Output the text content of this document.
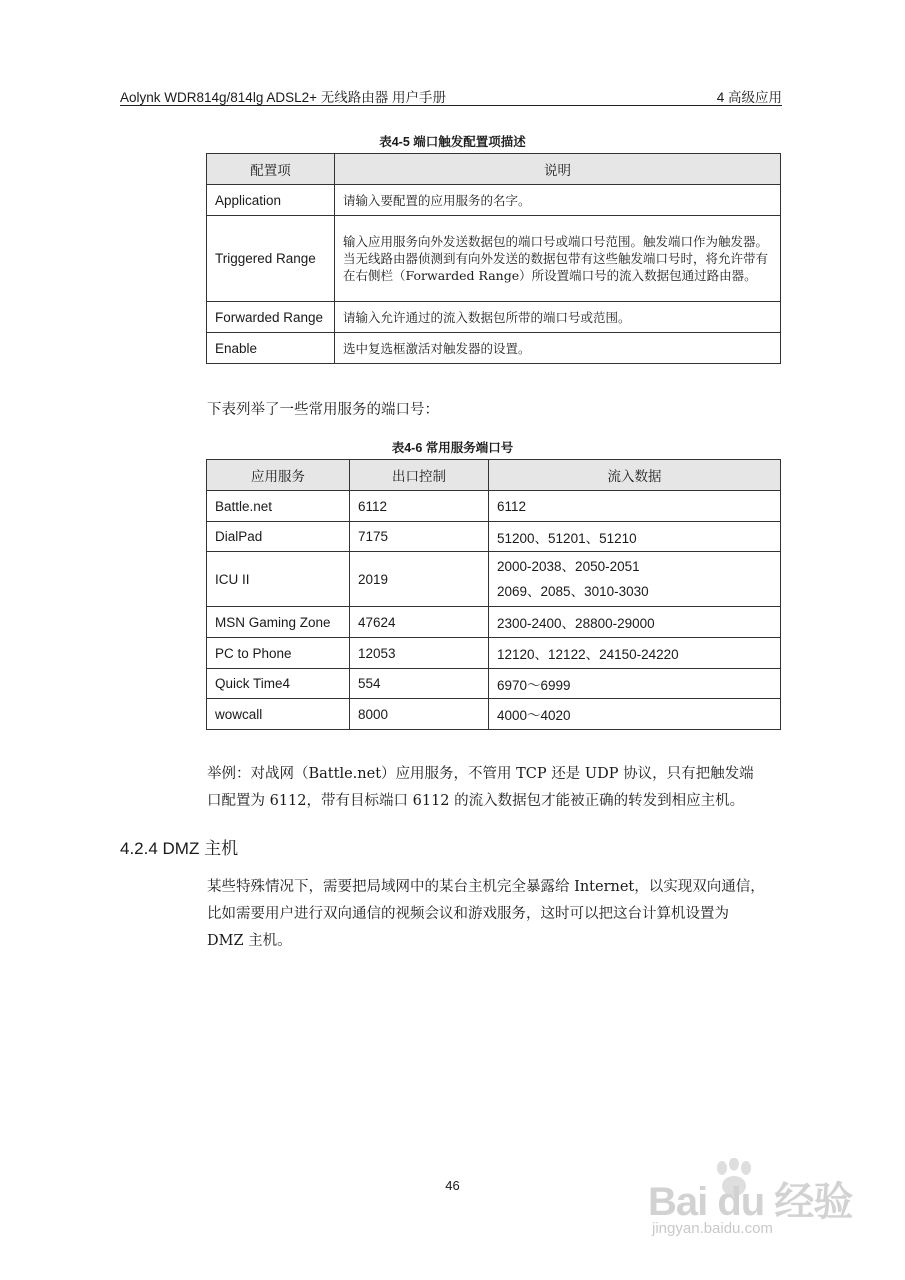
Aolynk WDR814g/814lg ADSL2+ 无线路由器 用户手册	4 高级应用
表4-5 端口触发配置项描述
配置项	说明
Application	请输入要配置的应用服务的名字。
Triggered Range	输入应用服务向外发送数据包的端口号或端口号范围。触发端口作为触发器。当无线路由器侦测到有向外发送的数据包带有这些触发端口号时，将允许带有在右侧栏（Forwarded Range）所设置端口号的流入数据包通过路由器。
Forwarded Range	请输入允许通过的流入数据包所带的端口号或范围。
Enable	选中复选框激活对触发器的设置。
下表列举了一些常用服务的端口号：
表4-6 常用服务端口号
应用服务	出口控制	流入数据
Battle.net	6112	6112
DialPad	7175	51200、51201、51210
ICU II	2019	2000-2038、2050-2051
2069、2085、3010-3030

MSN Gaming Zone	47624	2300-2400、28800-29000
PC to Phone	12053	12120、12122、24150-24220
Quick Time4	554	6970～6999
wowcall	8000	4000～4020
举例：对战网（Battle.net）应用服务，不管用 TCP 还是 UDP 协议，只有把触发端
口配置为 6112，带有目标端口 6112 的流入数据包才能被正确的转发到相应主机。
4.2.4 DMZ 主机
某些特殊情况下，需要把局域网中的某台主机完全暴露给 Internet，以实现双向通信，
比如需要用户进行双向通信的视频会议和游戏服务，这时可以把这台计算机设置为
DMZ 主机。
46	Bai du 经验
jingyan.baidu.com
